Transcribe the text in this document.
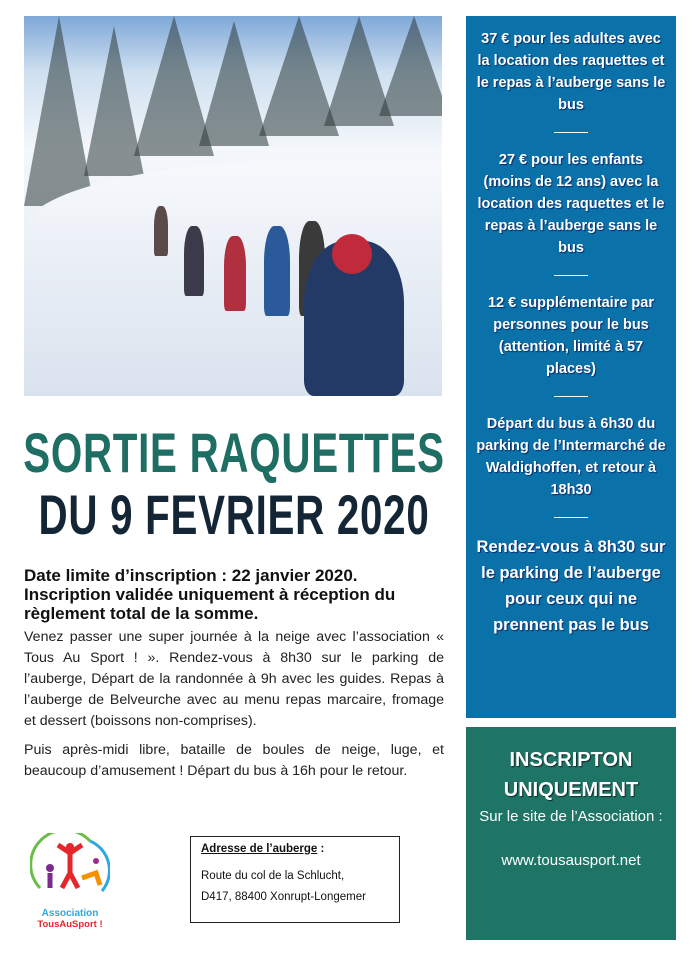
SORTIE RAQUETTES
DU 9 FEVRIER 2020
Date limite d’inscription : 22 janvier 2020. Inscription validée uniquement à réception du règlement total de la somme.
Venez passer une super journée à la neige avec l’association « Tous Au Sport ! ». Rendez-vous à 8h30 sur le parking de l’auberge, Départ de la randonnée à 9h avec les guides. Repas à l’auberge de Belveurche avec au menu repas marcaire, fromage et dessert (boissons non-comprises).
Puis après-midi libre, bataille de boules de neige, luge, et beaucoup d’amusement ! Départ du bus à 16h pour le retour.

37 € pour les adultes avec la location des raquettes et le repas à l’auberge sans le bus

27 € pour les enfants (moins de 12 ans) avec la location des raquettes et le repas à l’auberge sans le bus

12 € supplémentaire par personnes pour le bus (attention, limité à 57 places)

Départ du bus à 6h30 du parking de l’Intermarché de Waldighoffen, et retour à 18h30

Rendez-vous à 8h30 sur le parking de l’auberge pour ceux qui ne prennent pas le bus

INSCRIPTON UNIQUEMENT
Sur le site de l’Association :
www.tousausport.net
Association
TousAuSport !
Adresse de l’auberge :
Route du col de la Schlucht,
D417, 88400 Xonrupt-Longemer
